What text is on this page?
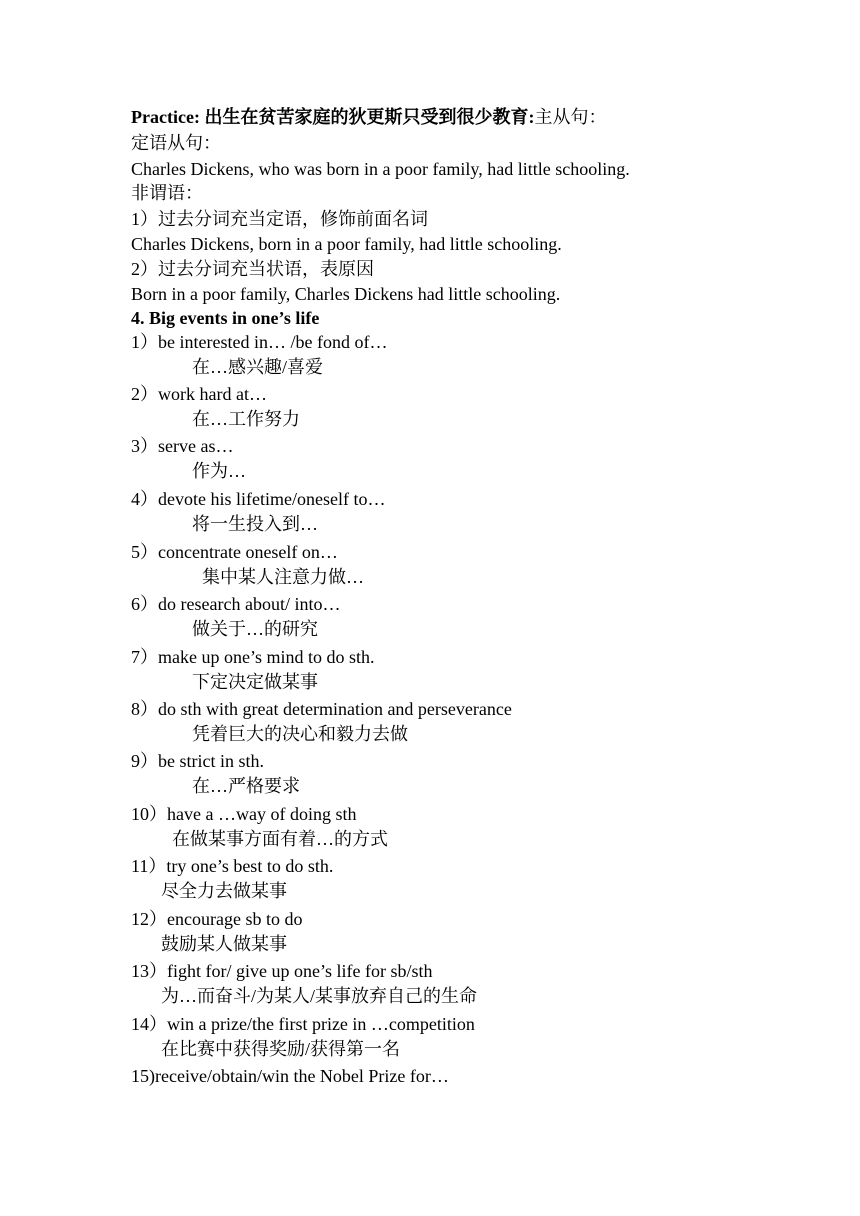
Practice: 出生在贫苦家庭的狄更斯只受到很少教育:主从句：
定语从句：
Charles Dickens, who was born in a poor family, had little schooling.
非谓语：
1）过去分词充当定语，修饰前面名词
Charles Dickens, born in a poor family, had little schooling.
2）过去分词充当状语，表原因
Born in a poor family, Charles Dickens had little schooling.
4. Big events in one’s life
1）be interested in… /be fond of…
在…感兴趣/喜爱
2）work hard at…
在…工作努力
3）serve as…
作为…
4）devote his lifetime/oneself to…
将一生投入到…
5）concentrate oneself on…
集中某人注意力做…
6）do research about/ into…
做关于…的研究
7）make up one’s mind to do sth.
下定决定做某事
8）do sth with great determination and perseverance
凭着巨大的决心和毅力去做
9）be strict in sth.
在…严格要求
10）have a …way of doing sth
在做某事方面有着…的方式
11）try one’s best to do sth.
尽全力去做某事
12）encourage sb to do
鼓励某人做某事
13）fight for/ give up one’s life for sb/sth
为…而奋斗/为某人/某事放弃自己的生命
14）win a prize/the first prize in …competition
在比赛中获得奖励/获得第一名
15)receive/obtain/win the Nobel Prize for…
